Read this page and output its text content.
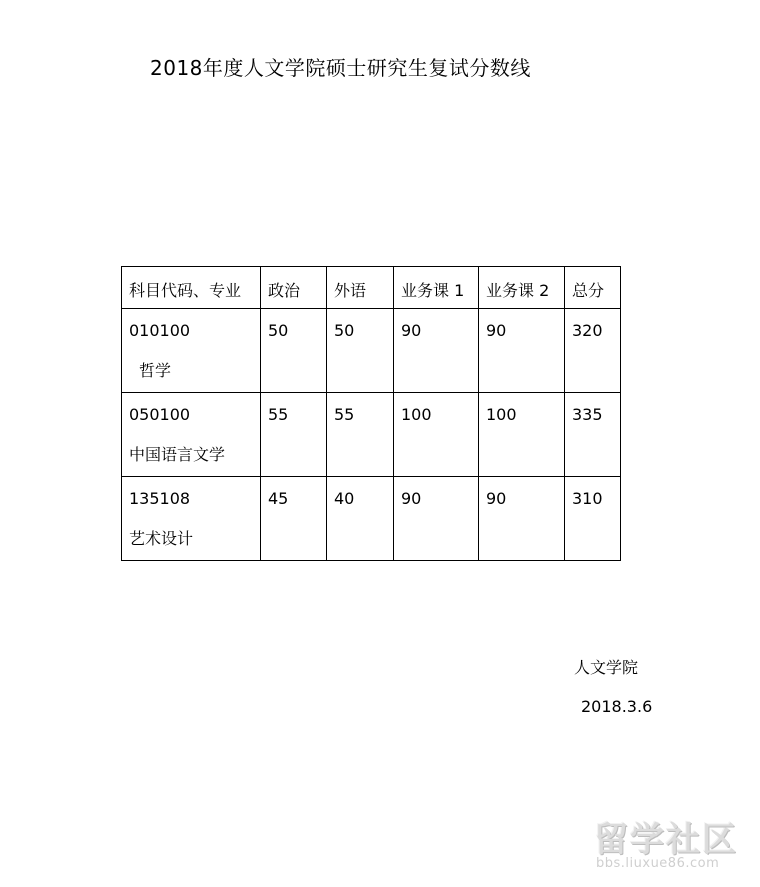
2018年度人文学院硕士研究生复试分数线
科目代码、专业	政治	外语	业务课 1	业务课 2	总分

010100
哲学	50	50	90	90	320

050100
中国语言文学	55	55	100	100	335

135108
艺术设计	45	40	90	90	310
人文学院
2018.3.6
留学社区
bbs.liuxue86.com
